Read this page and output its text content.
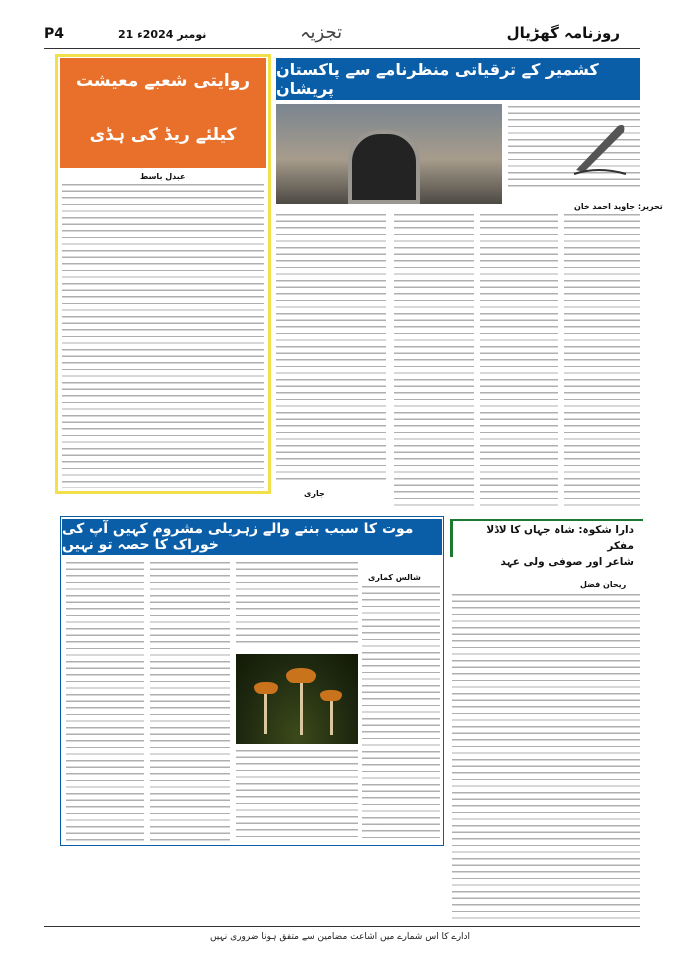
P4	21 نومبر 2024ء	تجزیہ	روزنامہ گھڑیال
کشمیر کے ترقیاتی منظرنامے سے پاکستان پریشان
تحریر: جاوید احمد خان
جاری
روایتی شعبے معیشت
کیلئے ریڈ کی ہڈی
عبدل باسط
موت کا سبب بننے والے زہریلی مشروم کہیں آپ کی خوراک کا حصہ تو نہیں
شالس کماری
دارا شکوہ: شاہ جہاں کا لاڈلا مفکر
شاعر اور صوفی ولی عہد
ریحان فضل
ادارے کا اس شمارے میں اشاعت مضامین سے متفق ہونا ضروری نہیں
